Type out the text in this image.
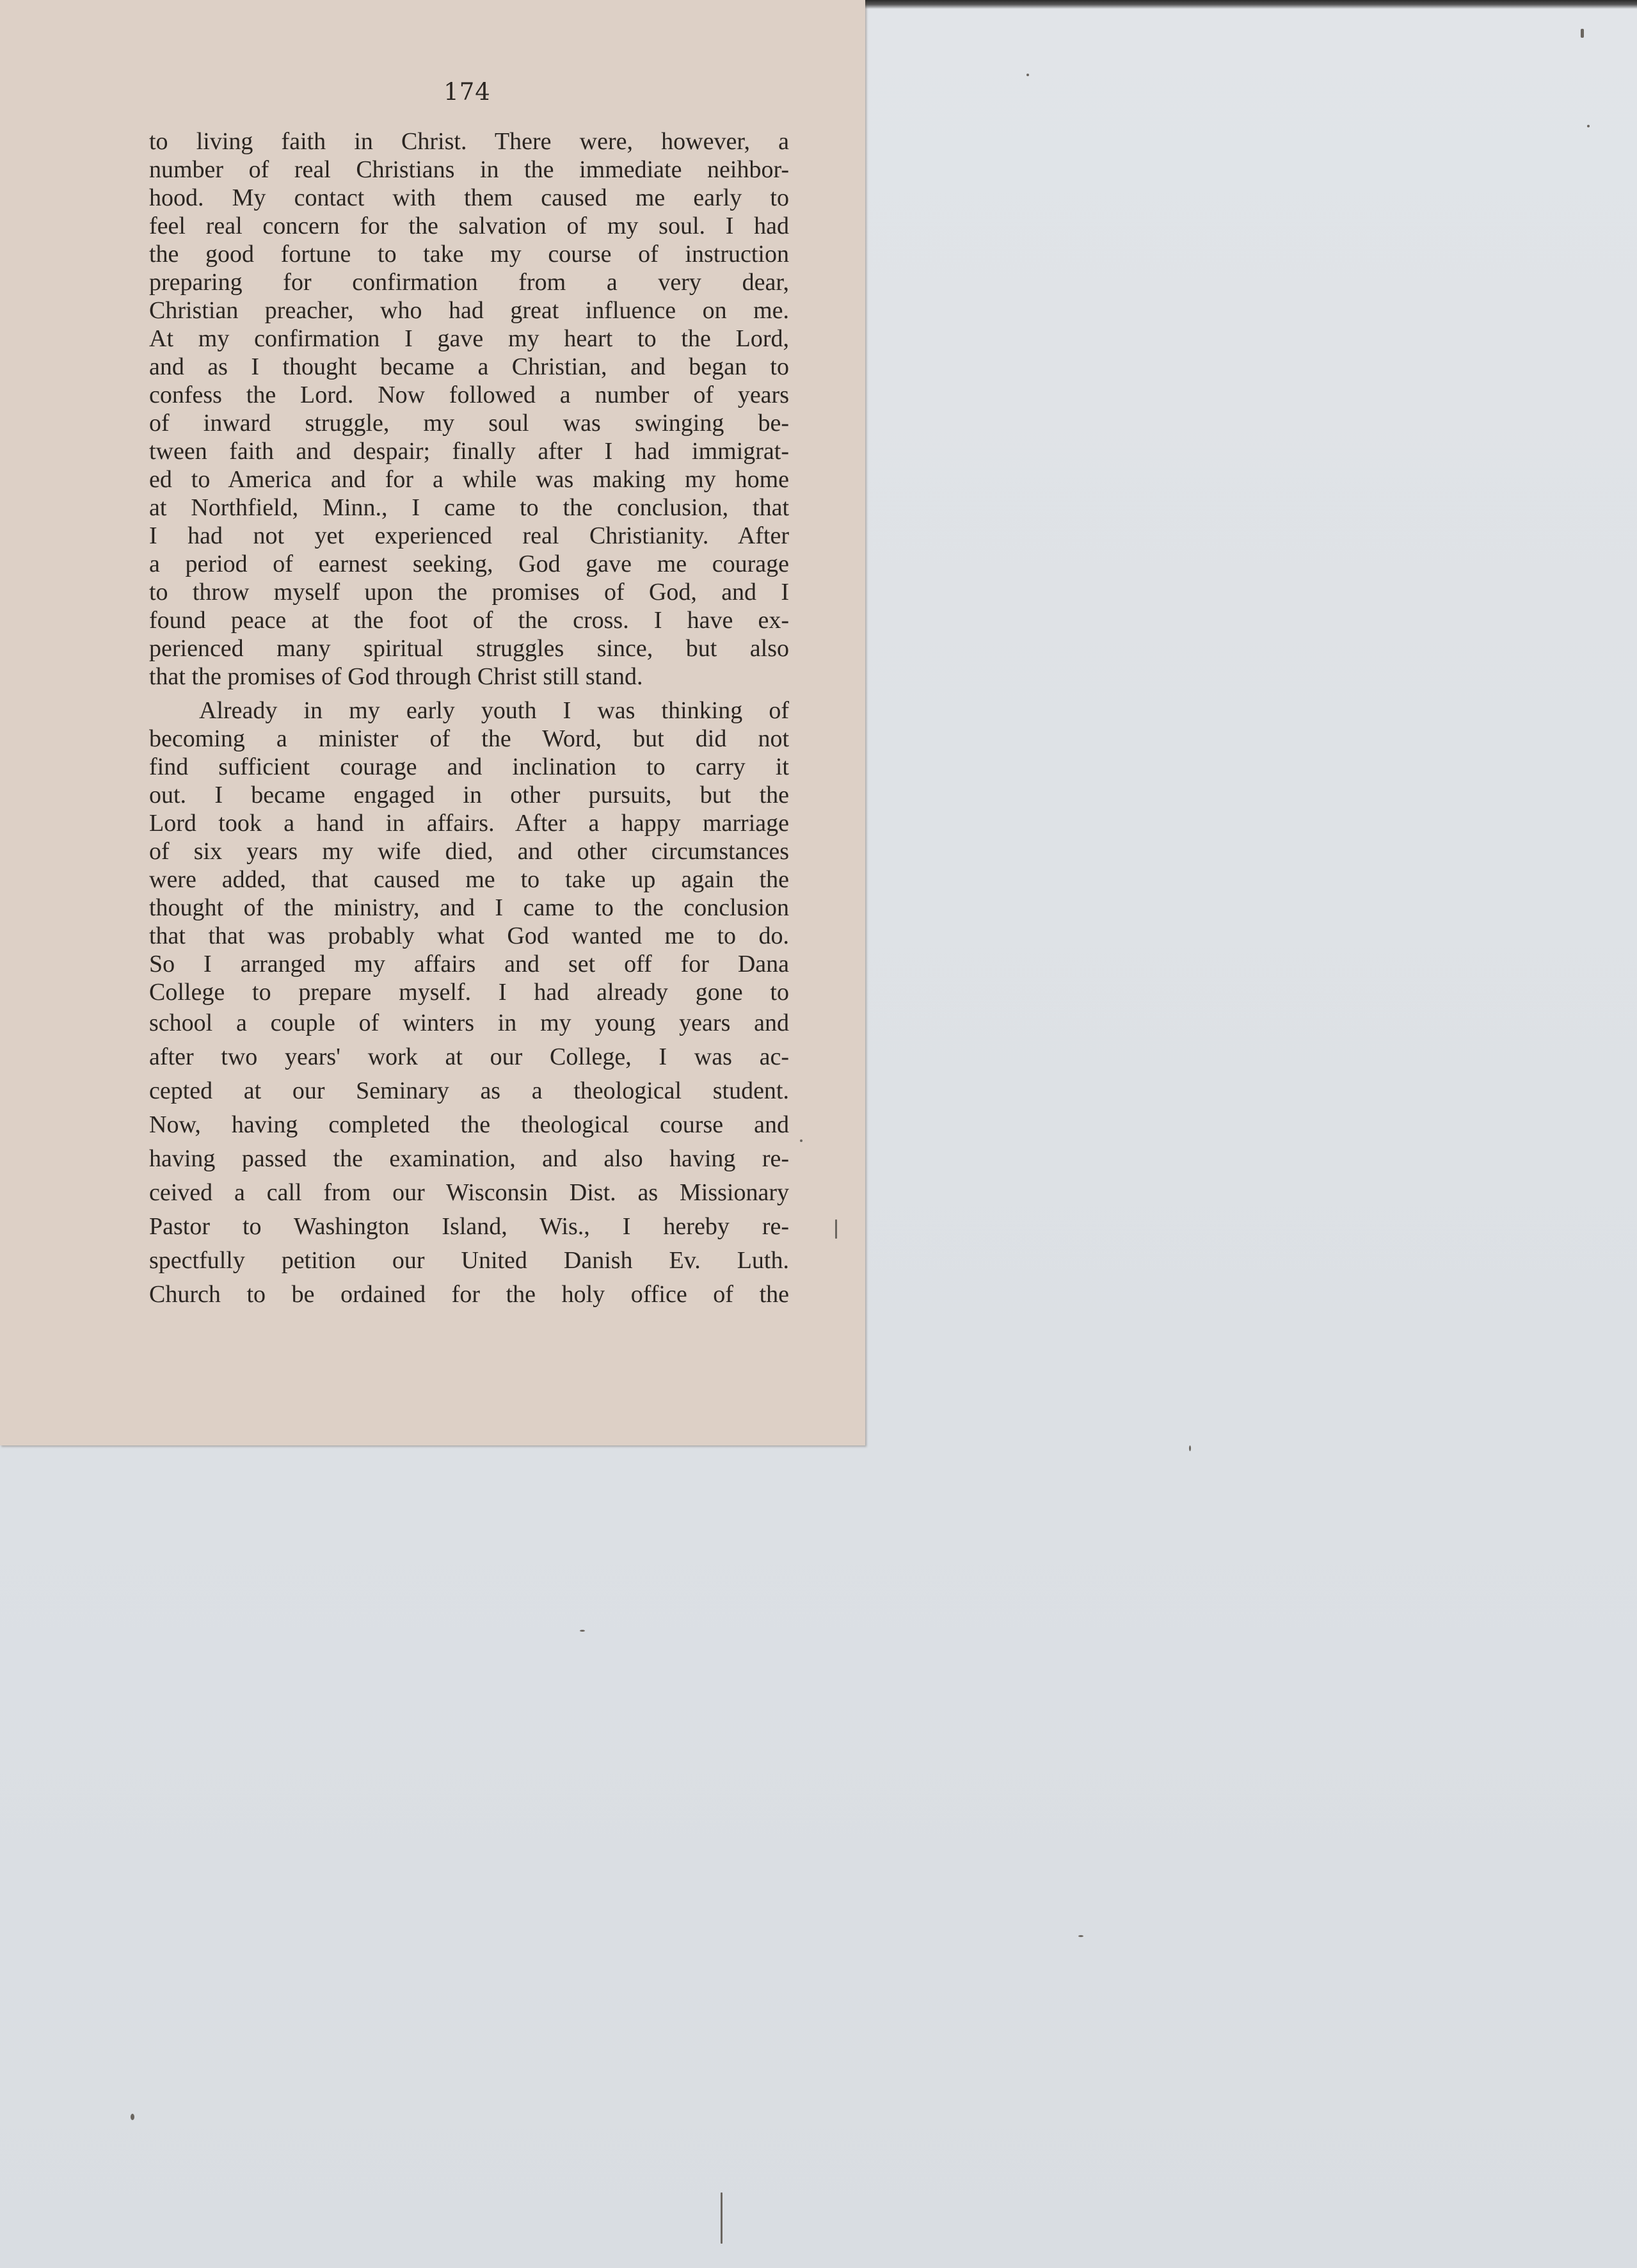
174
to living faith in Christ. There were, however, a
number of real Christians in the immediate neihbor-
hood. My contact with them caused me early to
feel real concern for the salvation of my soul. I had
the good fortune to take my course of instruction
preparing for confirmation from a very dear,
Christian preacher, who had great influence on me.
At my confirmation I gave my heart to the Lord,
and as I thought became a Christian, and began to
confess the Lord. Now followed a number of years
of inward struggle, my soul was swinging be-
tween faith and despair; finally after I had immigrat-
ed to America and for a while was making my home
at Northfield, Minn., I came to the conclusion, that
I had not yet experienced real Christianity. After
a period of earnest seeking, God gave me courage
to throw myself upon the promises of God, and I
found peace at the foot of the cross. I have ex-
perienced many spiritual struggles since, but also
that the promises of God through Christ still stand.
Already in my early youth I was thinking of
becoming a minister of the Word, but did not
find sufficient courage and inclination to carry it
out. I became engaged in other pursuits, but the
Lord took a hand in affairs. After a happy marriage
of six years my wife died, and other circumstances
were added, that caused me to take up again the
thought of the ministry, and I came to the conclusion
that that was probably what God wanted me to do.
So I arranged my affairs and set off for Dana
College to prepare myself. I had already gone to
school a couple of winters in my young years and
after two years' work at our College, I was ac-
cepted at our Seminary as a theological student.
Now, having completed the theological course and
having passed the examination, and also having re-
ceived a call from our Wisconsin Dist. as Missionary
Pastor to Washington Island, Wis., I hereby re-
spectfully petition our United Danish Ev. Luth.
Church to be ordained for the holy office of the
